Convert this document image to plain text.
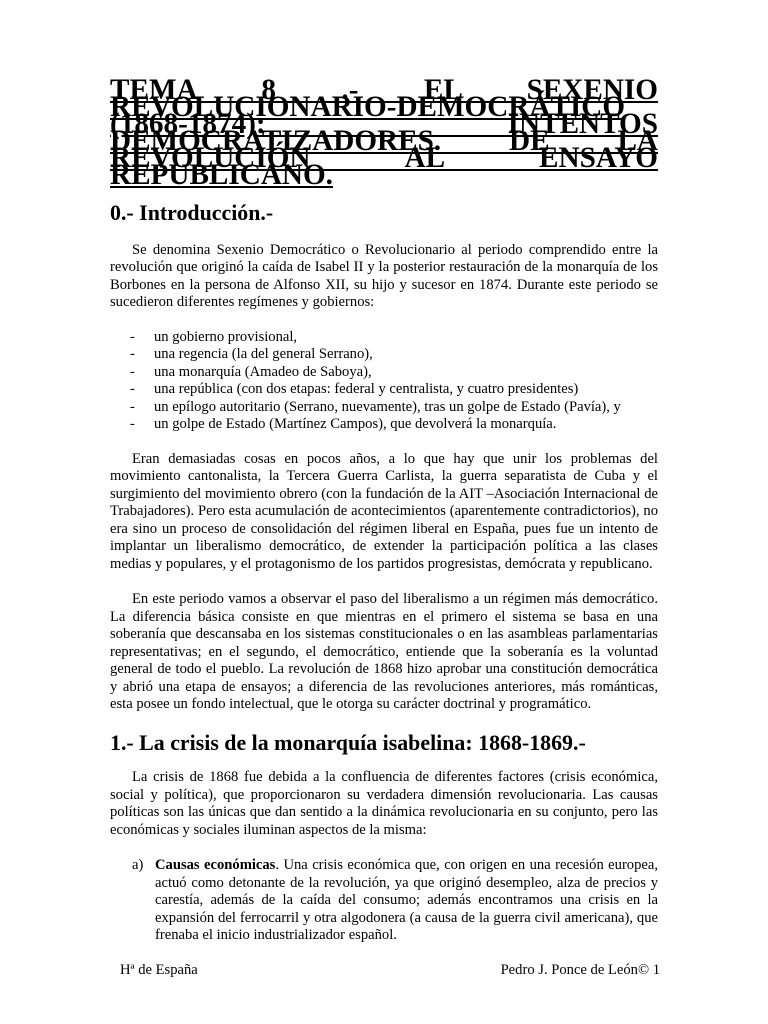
TEMA 8 .- EL SEXENIO REVOLUCIONARIO-DEMOCRÁTICO (1868-1874): INTENTOS DEMOCRATIZADORES. DE LA REVOLUCIÓN AL ENSAYO REPUBLICANO.
0.- Introducción.-

Se denomina Sexenio Democrático o Revolucionario al periodo comprendido entre la revolución que originó la caída de Isabel II y la posterior restauración de la monarquía de los Borbones en la persona de Alfonso XII, su hijo y sucesor en 1874. Durante este periodo se sucedieron diferentes regímenes y gobiernos:

- un gobierno provisional,
- una regencia (la del general Serrano),
- una monarquía (Amadeo de Saboya),
- una república (con dos etapas: federal y centralista, y cuatro presidentes)
- un epílogo autoritario (Serrano, nuevamente), tras un golpe de Estado (Pavía), y
- un golpe de Estado (Martínez Campos), que devolverá la monarquía.

Eran demasiadas cosas en pocos años, a lo que hay que unir los problemas del movimiento cantonalista, la Tercera Guerra Carlista, la guerra separatista de Cuba y el surgimiento del movimiento obrero (con la fundación de la AIT –Asociación Internacional de Trabajadores). Pero esta acumulación de acontecimientos (aparentemente contradictorios), no era sino un proceso de consolidación del régimen liberal en España, pues fue un intento de implantar un liberalismo democrático, de extender la participación política a las clases medias y populares, y el protagonismo de los partidos progresistas, demócrata y republicano.

En este periodo vamos a observar el paso del liberalismo a un régimen más democrático. La diferencia básica consiste en que mientras en el primero el sistema se basa en una soberanía que descansaba en los sistemas constitucionales o en las asambleas parlamentarias representativas; en el segundo, el democrático, entiende que la soberanía es la voluntad general de todo el pueblo. La revolución de 1868 hizo aprobar una constitución democrática y abrió una etapa de ensayos; a diferencia de las revoluciones anteriores, más románticas, esta posee un fondo intelectual, que le otorga su carácter doctrinal y programático.

1.- La crisis de la monarquía isabelina: 1868-1869.-

La crisis de 1868 fue debida a la confluencia de diferentes factores (crisis económica, social y política), que proporcionaron su verdadera dimensión revolucionaria. Las causas políticas son las únicas que dan sentido a la dinámica revolucionaria en su conjunto, pero las económicas y sociales iluminan aspectos de la misma:

a) Causas económicas. Una crisis económica que, con origen en una recesión europea, actuó como detonante de la revolución, ya que originó desempleo, alza de precios y carestía, además de la caída del consumo; además encontramos una crisis en la expansión del ferrocarril y otra algodonera (a causa de la guerra civil americana), que frenaba el inicio industrializador español.
Hª de España	Pedro J. Ponce de León© 1
